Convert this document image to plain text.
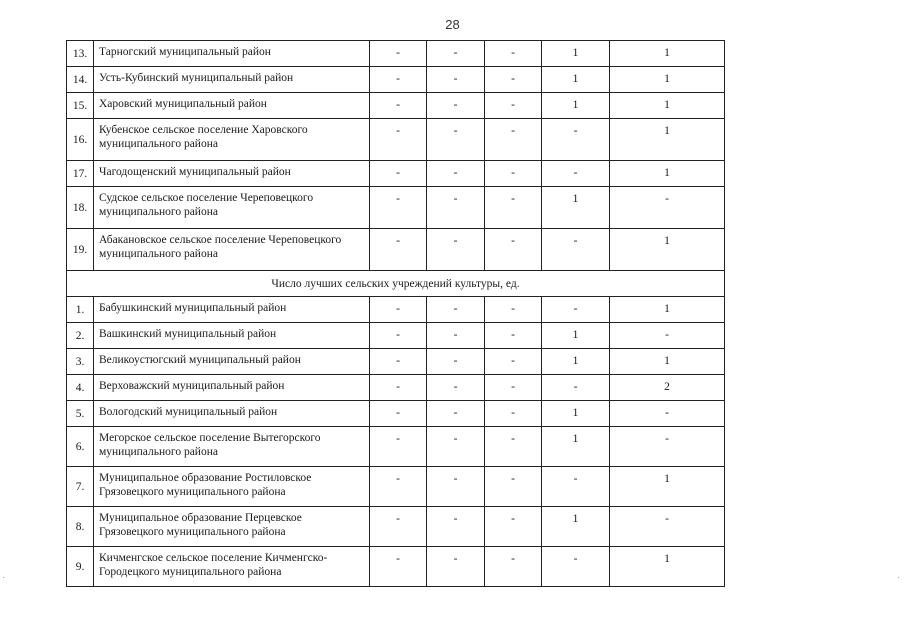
28
·	·
13.	Тарногский муниципальный район	-	-	-	1	1
14.	Усть-Кубинский муниципальный район	-	-	-	1	1
15.	Харовский муниципальный район	-	-	-	1	1
16.	Кубенское сельское поселение Харовского муниципального района	-	-	-	-	1
17.	Чагодощенский муниципальный район	-	-	-	-	1
18.	Судское сельское поселение Череповецкого муниципального района	-	-	-	1	-
19.	Абакановское сельское поселение Череповецкого муниципального района	-	-	-	-	1
Число лучших сельских учреждений культуры, ед.						
1.	Бабушкинский муниципальный район	-	-	-	-	1
2.	Вашкинский муниципальный район	-	-	-	1	-
3.	Великоустюгский муниципальный район	-	-	-	1	1
4.	Верховажский муниципальный район	-	-	-	-	2
5.	Вологодский муниципальный район	-	-	-	1	-
6.	Мегорское сельское поселение Вытегорского муниципального района	-	-	-	1	-
7.	Муниципальное образование Ростиловское Грязовецкого муниципального района	-	-	-	-	1
8.	Муниципальное образование Перцевское Грязовецкого муниципального района	-	-	-	1	-
9.	Кичменгское сельское поселение Кичменгско-Городецкого муниципального района	-	-	-	-	1
